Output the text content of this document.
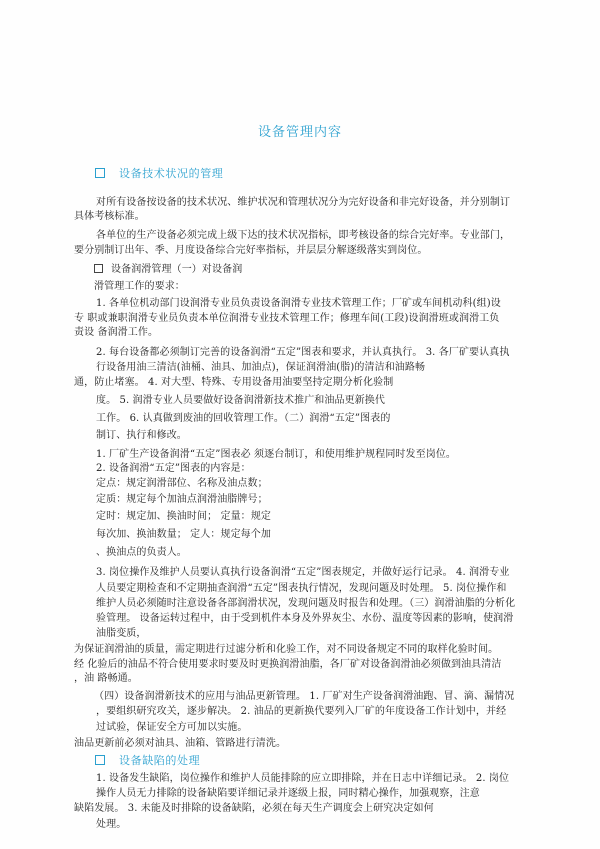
设备管理内容
设备技术状况的管理
对所有设备按设备的技术状况、维护状况和管理状况分为完好设备和非完好设备，并分别制订
具体考核标准。
各单位的生产设备必须完成上级下达的技术状况指标，即考核设备的综合完好率。专业部门，
要分别制订出年、季、月度设备综合完好率指标，并层层分解逐级落实到岗位。
设备润滑管理（一）对设备润
滑管理工作的要求：
1. 各单位机动部门设润滑专业员负责设备润滑专业技术管理工作；厂矿或车间机动科(组)设
专 职或兼职润滑专业员负责本单位润滑专业技术管理工作；修理车间(工段)设润滑班或润滑工负
责设 备润滑工作。
2. 每台设备都必须制订完善的设备润滑“五定”图表和要求，并认真执行。 3. 各厂矿要认真执
行设备用油三清洁(油桶、油具、加油点)，保证润滑油(脂)的清洁和油路畅
通，防止堵塞。 4. 对大型、特殊、专用设备用油要坚持定期分析化验制
度。 5. 润滑专业人员要做好设备润滑新技术推广和油品更新换代
工作。 6. 认真做到废油的回收管理工作。（二）润滑“五定”图表的
制订、执行和修改。
1. 厂矿生产设备润滑“五定”图表必 须逐台制订，和使用维护规程同时发至岗位。
2. 设备润滑“五定”图表的内容是：
定点：规定润滑部位、名称及油点数；
定质：规定每个加油点润滑油脂牌号；
定时：规定加、换油时间； 定量：规定
每次加、换油数量； 定人：规定每个加
、换油点的负责人。
3. 岗位操作及维护人员要认真执行设备润滑“五定”图表规定，并做好运行记录。 4. 润滑专业
人员要定期检查和不定期抽查润滑“五定”图表执行情况，发现问题及时处理。 5. 岗位操作和
维护人员必须随时注意设备各部润滑状况，发现问题及时报告和处理。（三）润滑油脂的分析化
验管理。 设备运转过程中，由于受到机件本身及外界灰尘、水份、温度等因素的影响，使润滑
油脂变质，
为保证润滑油的质量，需定期进行过滤分析和化验工作，对不同设备规定不同的取样化验时间。
经 化验后的油品不符合使用要求时要及时更换润滑油脂，各厂矿对设备润滑油必须做到油具清洁
，油 路畅通。
（四）设备润滑新技术的应用与油品更新管理。 1. 厂矿对生产设备润滑油跑、冒、滴、漏情况
，要组织研究攻关，逐步解决。 2. 油品的更新换代要列入厂矿的年度设备工作计划中，并经
过试验，保证安全方可加以实施。
油品更新前必须对油具、油箱、管路进行清洗。
设备缺陷的处理
1. 设备发生缺陷，岗位操作和维护人员能排除的应立即排除，并在日志中详细记录。 2. 岗位
操作人员无力排除的设备缺陷要详细记录并逐级上报，同时精心操作，加强观察，注意
缺陷发展。 3. 未能及时排除的设备缺陷，必须在每天生产调度会上研究决定如何
处理。
